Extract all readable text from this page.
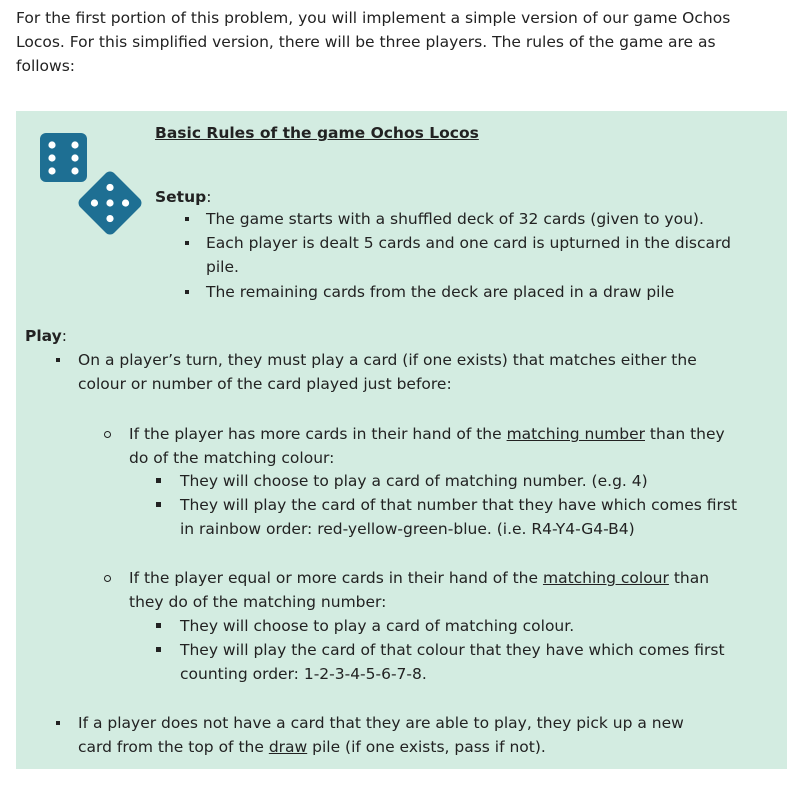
For the first portion of this problem, you will implement a simple version of our game Ochos
Locos. For this simplified version, there will be three players. The rules of the game are as
follows:
Basic Rules of the game Ochos Locos
Setup:
The game starts with a shuffled deck of 32 cards (given to you).
Each player is dealt 5 cards and one card is upturned in the discard
pile.
The remaining cards from the deck are placed in a draw pile
Play:
On a player’s turn, they must play a card (if one exists) that matches either the
colour or number of the card played just before:
If the player has more cards in their hand of the matching number than they
do of the matching colour:
They will choose to play a card of matching number. (e.g. 4)
They will play the card of that number that they have which comes first
in rainbow order: red-yellow-green-blue. (i.e. R4-Y4-G4-B4)
If the player equal or more cards in their hand of the matching colour than
they do of the matching number:
They will choose to play a card of matching colour.
They will play the card of that colour that they have which comes first
counting order: 1-2-3-4-5-6-7-8.
If a player does not have a card that they are able to play, they pick up a new
card from the top of the draw pile (if one exists, pass if not).
